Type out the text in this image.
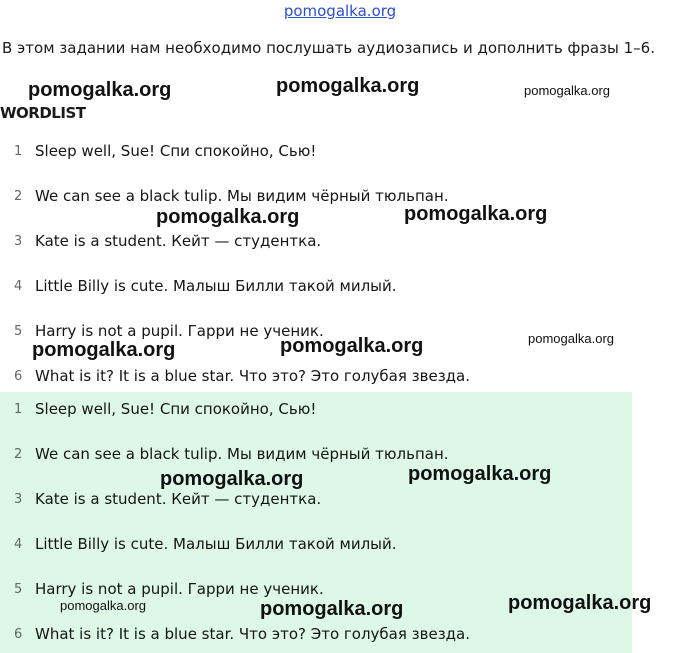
pomogalka.org
В этом задании нам необходимо послушать аудиозапись и дополнить фразы 1–6.
WORDLIST
1 Sleep well, Sue! Спи спокойно, Сью!
2 We can see a black tulip. Мы видим чёрный тюльпан.
3 Kate is a student. Кейт — студентка.
4 Little Billy is cute. Малыш Билли такой милый.
5 Harry is not a pupil. Гарри не ученик.
6 What is it? It is a blue star. Что это? Это голубая звезда.
1 Sleep well, Sue! Спи спокойно, Сью!
2 We can see a black tulip. Мы видим чёрный тюльпан.
3 Kate is a student. Кейт — студентка.
4 Little Billy is cute. Малыш Билли такой милый.
5 Harry is not a pupil. Гарри не ученик.
6 What is it? It is a blue star. Что это? Это голубая звезда.
pomogalka.org	pomogalka.org	pomogalka.org
pomogalka.org	pomogalka.org
pomogalka.org	pomogalka.org	pomogalka.org
pomogalka.org	pomogalka.org
pomogalka.org	pomogalka.org	pomogalka.org
